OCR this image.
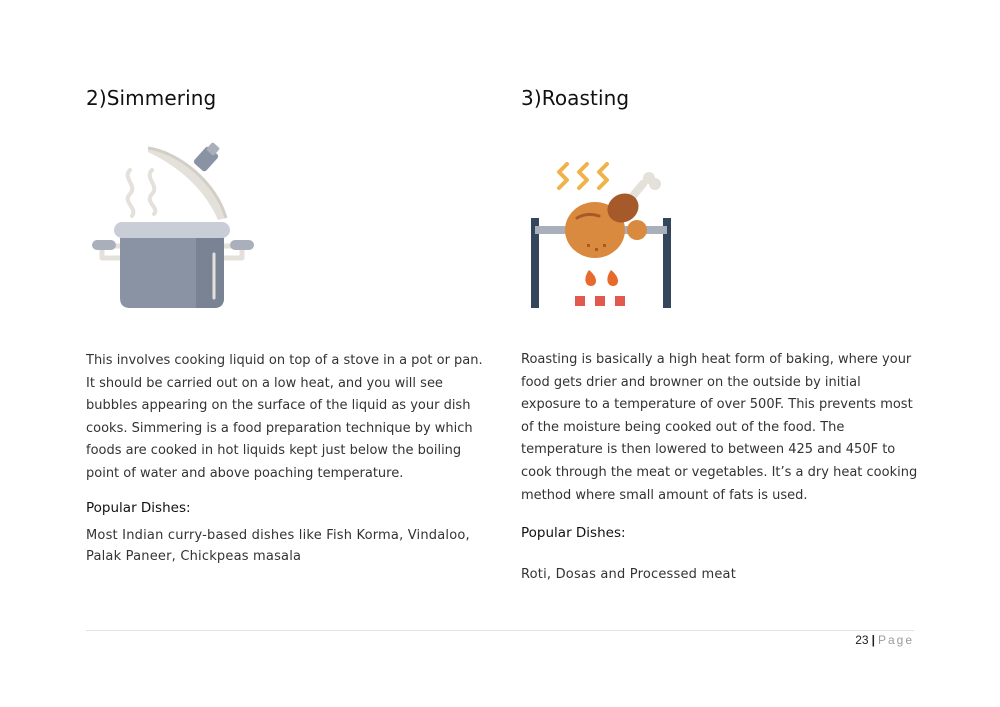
2)Simmering

This involves cooking liquid on top of a stove in a pot or pan. It should be carried out on a low heat, and you will see bubbles appearing on the surface of the liquid as your dish cooks. Simmering is a food preparation technique by which foods are cooked in hot liquids kept just below the boiling point of water and above poaching temperature.

Popular Dishes:

Most Indian curry-based dishes like Fish Korma, Vindaloo, Palak Paneer, Chickpeas masala

3)Roasting

Roasting is basically a high heat form of baking, where your food gets drier and browner on the outside by initial exposure to a temperature of over 500F. This prevents most of the moisture being cooked out of the food. The temperature is then lowered to between 425 and 450F to cook through the meat or vegetables. It’s a dry heat cooking method where small amount of fats is used.

Popular Dishes:

Roti, Dosas and Processed meat

23 | Page
